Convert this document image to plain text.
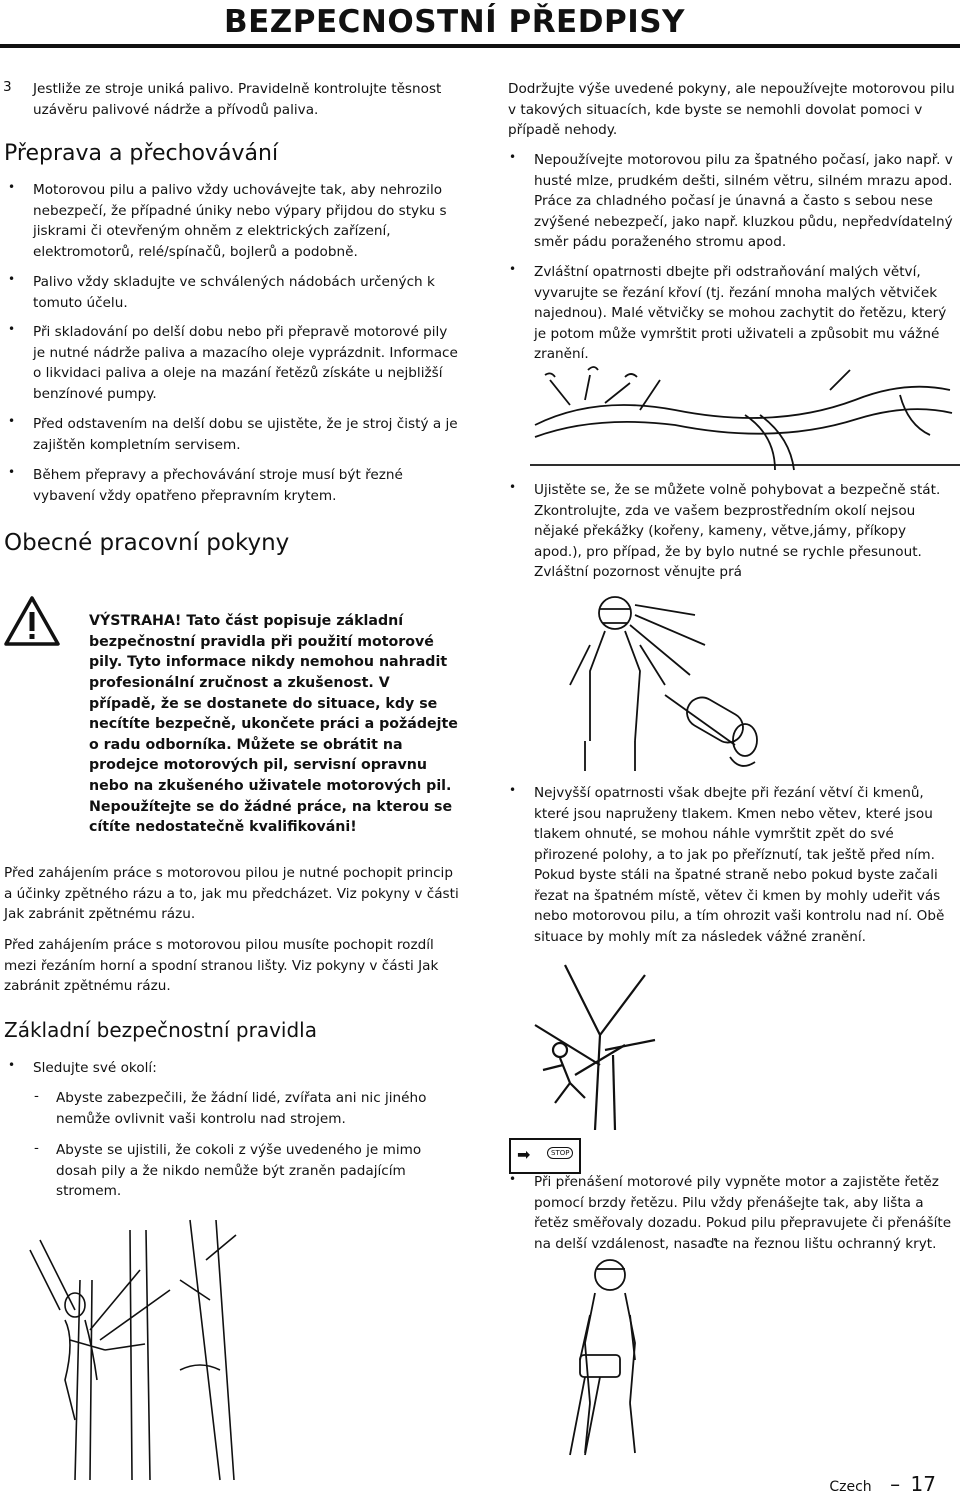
BEZPECNOSTNÍ PŘEDPISY
3 Jestliže ze stroje uniká palivo. Pravidelně kontrolujte těsnost uzávěru palivové nádrže a přívodů paliva.

Přeprava a přechovávání

• Motorovou pilu a palivo vždy uchovávejte tak, aby nehrozilo nebezpečí, že případné úniky nebo výpary přijdou do styku s jiskrami či otevřeným ohněm z elektrických zařízení, elektromotorů, relé/spínačů, bojlerů a podobně.

• Palivo vždy skladujte ve schválených nádobách určených k tomuto účelu.

• Při skladování po delší dobu nebo při přepravě motorové pily je nutné nádrže paliva a mazacího oleje vyprázdnit. Informace o likvidaci paliva a oleje na mazání řetězů získáte u nejbližší benzínové pumpy.

• Před odstavením na delší dobu se ujistěte, že je stroj čistý a je zajištěn kompletním servisem.

• Během přepravy a přechovávání stroje musí být řezné vybavení vždy opatřeno přepravním krytem.

Obecné pracovní pokyny

VÝSTRAHA! Tato část popisuje základní bezpečnostní pravidla při použití motorové pily. Tyto informace nikdy nemohou nahradit profesionální zručnost a zkušenost. V případě, že se dostanete do situace, kdy se necítíte bezpečně, ukončete práci a požádejte o radu odborníka. Můžete se obrátit na prodejce motorových pil, servisní opravnu nebo na zkušeného uživatele motorových pil. Nepoužítejte se do žádné práce, na kterou se cítíte nedostatečně kvalifikováni!

Před zahájením práce s motorovou pilou je nutné pochopit princip a účinky zpětného rázu a to, jak mu předcházet. Viz pokyny v části Jak zabránit zpětnému rázu.

Před zahájením práce s motorovou pilou musíte pochopit rozdíl mezi řezáním horní a spodní stranou lišty. Viz pokyny v části Jak zabránit zpětnému rázu.

Základní bezpečnostní pravidla

• Sledujte své okolí:

- Abyste zabezpečili, že žádní lidé, zvířata ani nic jiného nemůže ovlivnit vaši kontrolu nad strojem.

- Abyste se ujistili, že cokoli z výše uvedeného je mimo dosah pily a že nikdo nemůže být zraněn padajícím stromem.

Dodržujte výše uvedené pokyny, ale nepoužívejte motorovou pilu v takových situacích, kde byste se nemohli dovolat pomoci v případě nehody.

• Nepoužívejte motorovou pilu za špatného počasí, jako např. v husté mlze, prudkém dešti, silném větru, silném mrazu apod. Práce za chladného počasí je únavná a často s sebou nese zvýšené nebezpečí, jako např. kluzkou půdu, nepředvídatelný směr pádu poraženého stromu apod.

• Zvláštní opatrnosti dbejte při odstraňování malých větví, vyvarujte se řezání křoví (tj. řezání mnoha malých větviček najednou). Malé větvičky se mohou zachytit do řetězu, který je potom může vymrštit proti uživateli a způsobit mu vážné zranění.

• Ujistěte se, že se můžete volně pohybovat a bezpečně stát. Zkontrolujte, zda ve vašem bezprostředním okolí nejsou nějaké překážky (kořeny, kameny, větve,jámy, příkopy apod.), pro případ, že by bylo nutné se rychle přesunout. Zvláštní pozornost věnujte prá

• Nejvyšší opatrnosti však dbejte při řezání větví či kmenů, které jsou napruženy tlakem. Kmen nebo větev, které jsou tlakem ohnuté, se mohou náhle vymrštit zpět do své přirozené polohy, a to jak po přeříznutí, tak ještě před ním. Pokud byste stáli na špatné straně nebo pokud byste začali řezat na špatném místě, větev či kmen by mohly udeřit vás nebo motorovou pilu, a tím ohrozit vaši kontrolu nad ní. Obě situace by mohly mít za následek vážné zranění.

➡	STOP
• Při přenášení motorové pily vypněte motor a zajistěte řetěz pomocí brzdy řetězu. Pilu vždy přenášejte tak, aby lišta a řetěz směřovaly dozadu. Pokud pilu přepravujete či přenášíte na delší vzdálenost, nasaďte na řeznou lištu ochranný kryt.

Czech – 17
